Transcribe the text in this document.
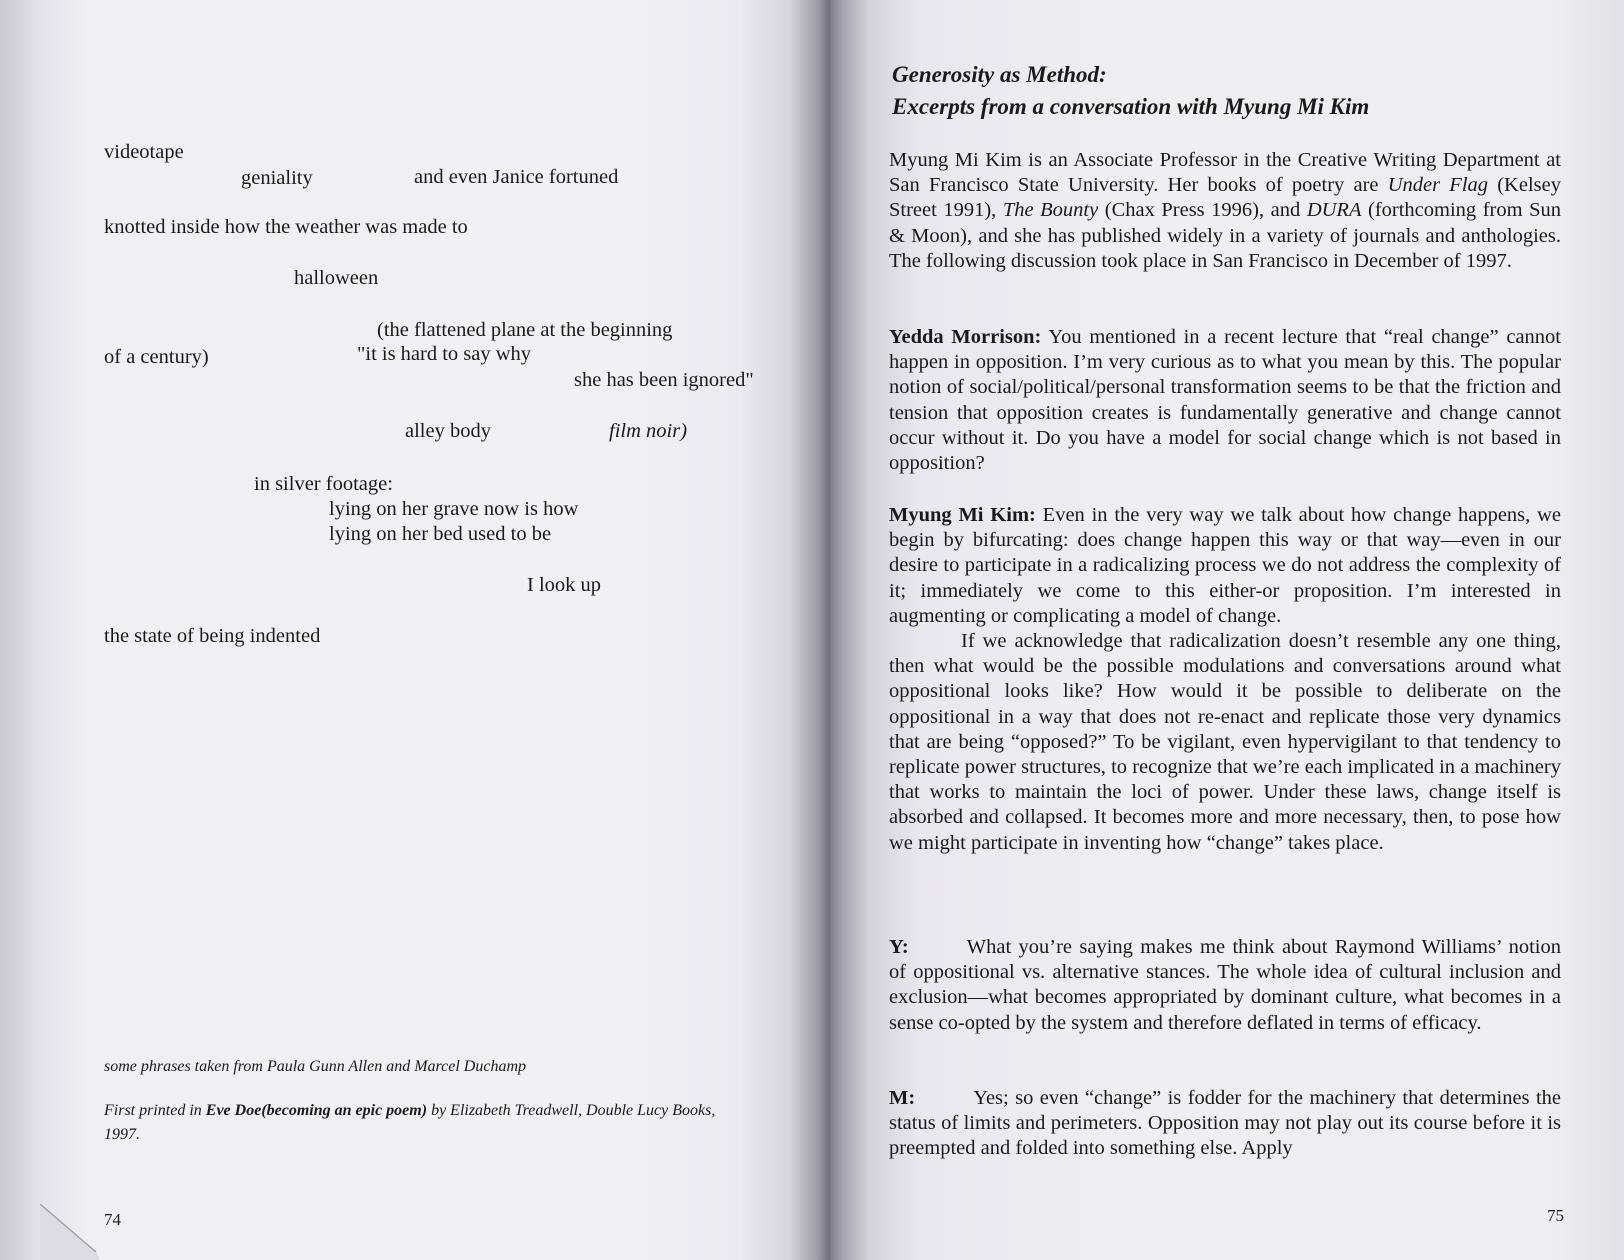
videotape
geniality	and even Janice fortuned
knotted inside how the weather was made to
halloween
(the flattened plane at the beginning
of a century)	"it is hard to say why
she has been ignored"
alley body	film noir)
in silver footage:
lying on her grave now is how
lying on her bed used to be
I look up
the state of being indented
some phrases taken from Paula Gunn Allen and Marcel Duchamp
First printed in Eve Doe(becoming an epic poem) by Elizabeth Treadwell, Double Lucy Books, 1997.
74
Generosity as Method:
Excerpts from a conversation with Myung Mi Kim

Myung Mi Kim is an Associate Professor in the Creative Writing Department at San Francisco State University. Her books of poetry are Under Flag (Kelsey Street 1991), The Bounty (Chax Press 1996), and DURA (forthcoming from Sun & Moon), and she has published widely in a variety of journals and anthologies. The following discussion took place in San Francisco in December of 1997.

Yedda Morrison: You mentioned in a recent lecture that “real change” cannot happen in opposition. I’m very curious as to what you mean by this. The popular notion of social/political/personal transformation seems to be that the friction and tension that opposition creates is fundamentally generative and change cannot occur without it. Do you have a model for social change which is not based in opposition?

Myung Mi Kim: Even in the very way we talk about how change happens, we begin by bifurcating: does change happen this way or that way—even in our desire to participate in a radicalizing process we do not address the complexity of it; immediately we come to this either-or proposition. I’m interested in augmenting or complicating a model of change.

If we acknowledge that radicalization doesn’t resemble any one thing, then what would be the possible modulations and conversations around what oppositional looks like? How would it be possible to deliberate on the oppositional in a way that does not re-enact and replicate those very dynamics that are being “opposed?” To be vigilant, even hypervigilant to that tendency to replicate power structures, to recognize that we’re each implicated in a machinery that works to maintain the loci of power. Under these laws, change itself is absorbed and collapsed. It becomes more and more necessary, then, to pose how we might participate in inventing how “change” takes place.

Y:	What you’re saying makes me think about Raymond Williams’ notion of oppositional vs. alternative stances. The whole idea of cultural inclusion and exclusion—what becomes appropriated by dominant culture, what becomes in a sense co-opted by the system and therefore deflated in terms of efficacy.

M:	Yes; so even “change” is fodder for the machinery that determines the status of limits and perimeters. Opposition may not play out its course before it is preempted and folded into something else. Apply

75
